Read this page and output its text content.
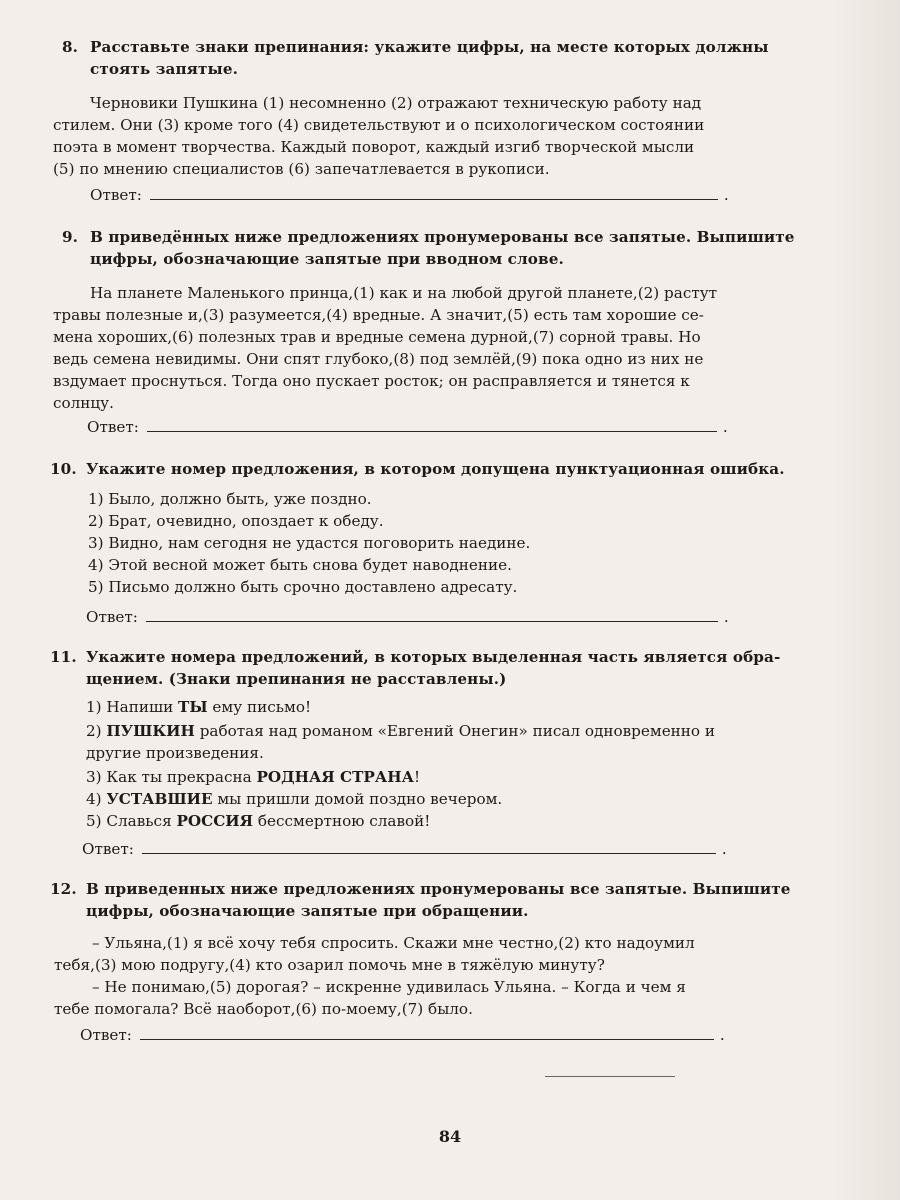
8. Расставьте знаки препинания: укажите цифры, на месте которых должны
стоять запятые.
Черновики Пушкина (1) несомненно (2) отражают техническую работу над
стилем. Они (3) кроме того (4) свидетельствуют и о психологическом состоянии
поэта в момент творчества. Каждый поворот, каждый изгиб творческой мысли
(5) по мнению специалистов (6) запечатлевается в рукописи.
Ответ:	.
9. В приведённых ниже предложениях пронумерованы все запятые. Выпишите
цифры, обозначающие запятые при вводном слове.
На планете Маленького принца,(1) как и на любой другой планете,(2) растут
травы полезные и,(3) разумеется,(4) вредные. А значит,(5) есть там хорошие се-
мена хороших,(6) полезных трав и вредные семена дурной,(7) сорной травы. Но
ведь семена невидимы. Они спят глубоко,(8) под землёй,(9) пока одно из них не
вздумает проснуться. Тогда оно пускает росток; он расправляется и тянется к
солнцу.
Ответ:	.
10. Укажите номер предложения, в котором допущена пунктуационная ошибка.
1) Было, должно быть, уже поздно.
2) Брат, очевидно, опоздает к обеду.
3) Видно, нам сегодня не удастся поговорить наедине.
4) Этой весной может быть снова будет наводнение.
5) Письмо должно быть срочно доставлено адресату.
Ответ:	.
11. Укажите номера предложений, в которых выделенная часть является обра-
щением. (Знаки препинания не расставлены.)
1) Напиши ТЫ ему письмо!
2) ПУШКИН работая над романом «Евгений Онегин» писал одновременно и
другие произведения.
3) Как ты прекрасна РОДНАЯ СТРАНА!
4) УСТАВШИЕ мы пришли домой поздно вечером.
5) Славься РОССИЯ бессмертною славой!
Ответ:	.
12. В приведенных ниже предложениях пронумерованы все запятые. Выпишите
цифры, обозначающие запятые при обращении.
– Ульяна,(1) я всё хочу тебя спросить. Скажи мне честно,(2) кто надоумил
тебя,(3) мою подругу,(4) кто озарил помочь мне в тяжёлую минуту?
– Не понимаю,(5) дорогая? – искренне удивилась Ульяна. – Когда и чем я
тебе помогала? Всё наоборот,(6) по-моему,(7) было.
Ответ:	.
84
